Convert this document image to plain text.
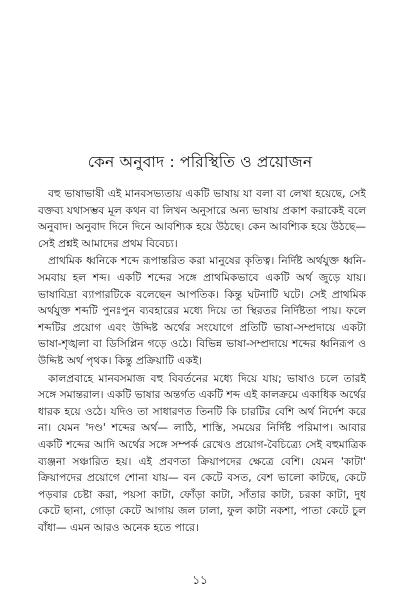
কেন অনুবাদ : পরিস্থিতি ও প্রয়োজন

বহু ভাষাভাষী এই মানবসভ্যতায় একটি ভাষায় যা বলা বা লেখা হয়েছে, সেই বক্তব্য যথাসম্ভব মূল কথন বা লিখন অনুসারে অন্য ভাষায় প্রকাশ করাকেই বলে অনুবাদ। অনুবাদ দিনে দিনে আবশ্যিক হয়ে উঠছে। কেন আবশ্যিক হয়ে উঠছে— সেই প্রশ্নই আমাদের প্রথম বিবেচ্য।

প্রাথমিক ধ্বনিকে শব্দে রূপান্তরিত করা মানুষের কৃতিত্ব। নির্দিষ্ট অর্থযুক্ত ধ্বনি-সমবায় হল শব্দ। একটি শব্দের সঙ্গে প্রাথমিকভাবে একটি অর্থ জুড়ে যায়। ভাষাবিদ্রা ব্যাপারটিকে বলেছেন আপতিক। কিন্তু ঘটনাটি ঘটে। সেই প্রাথমিক অর্থযুক্ত শব্দটি পুনঃপুন ব্যবহারের মধ্যে দিয়ে তা স্থিরতর নির্দিষ্টতা পায়। ফলে শব্দটির প্রয়োগ এবং উদ্দিষ্ট অর্থের সংযোগে প্রতিটি ভাষা-সম্প্রদায়ে একটা ভাষা-শৃঙ্খলা বা ডিসিপ্লিন গড়ে ওঠে। বিভিন্ন ভাষা-সম্প্রদায়ে শব্দের ধ্বনিরূপ ও উদ্দিষ্ট অর্থ পৃথক। কিন্তু প্রক্রিয়াটি একই।

কালপ্রবাহে মানবসমাজ বহু বিবর্তনের মধ্যে দিয়ে যায়; ভাষাও চলে তারই সঙ্গে সমান্তরাল। একটি ভাষার অন্তর্গত একটি শব্দ এই কালক্রমে একাধিক অর্থের ধারক হয়ে ওঠে। যদিও তা সাধারণত তিনটি কি চারটির বেশি অর্থ নির্দেশ করে না। যেমন 'দণ্ড' শব্দের অর্থ— লাঠি, শাস্তি, সময়ের নির্দিষ্ট পরিমাপ। আবার একটি শব্দের আদি অর্থের সঙ্গে সম্পর্ক রেখেও প্রয়োগ-বৈচিত্র্যে সেই বহুমাত্রিক ব্যঞ্জনা সঞ্চারিত হয়। এই প্রবণতা ক্রিয়াপদের ক্ষেত্রে বেশি। যেমন 'কাটা' ক্রিয়াপদের প্রয়োগে শোনা যায়— বন কেটে বসত, বেশ ভালো কাটছে, কেটে পড়বার চেষ্টা করা, পয়সা কাটা, ফোঁড়া কাটা, সাঁতার কাটা, চরকা কাটা, দুধ কেটে ছানা, গোড়া কেটে আগায় জল ঢালা, ফুল কাটা নকশা, পাতা কেটে চুল বাঁধা— এমন আরও অনেক হতে পারে।

১১
